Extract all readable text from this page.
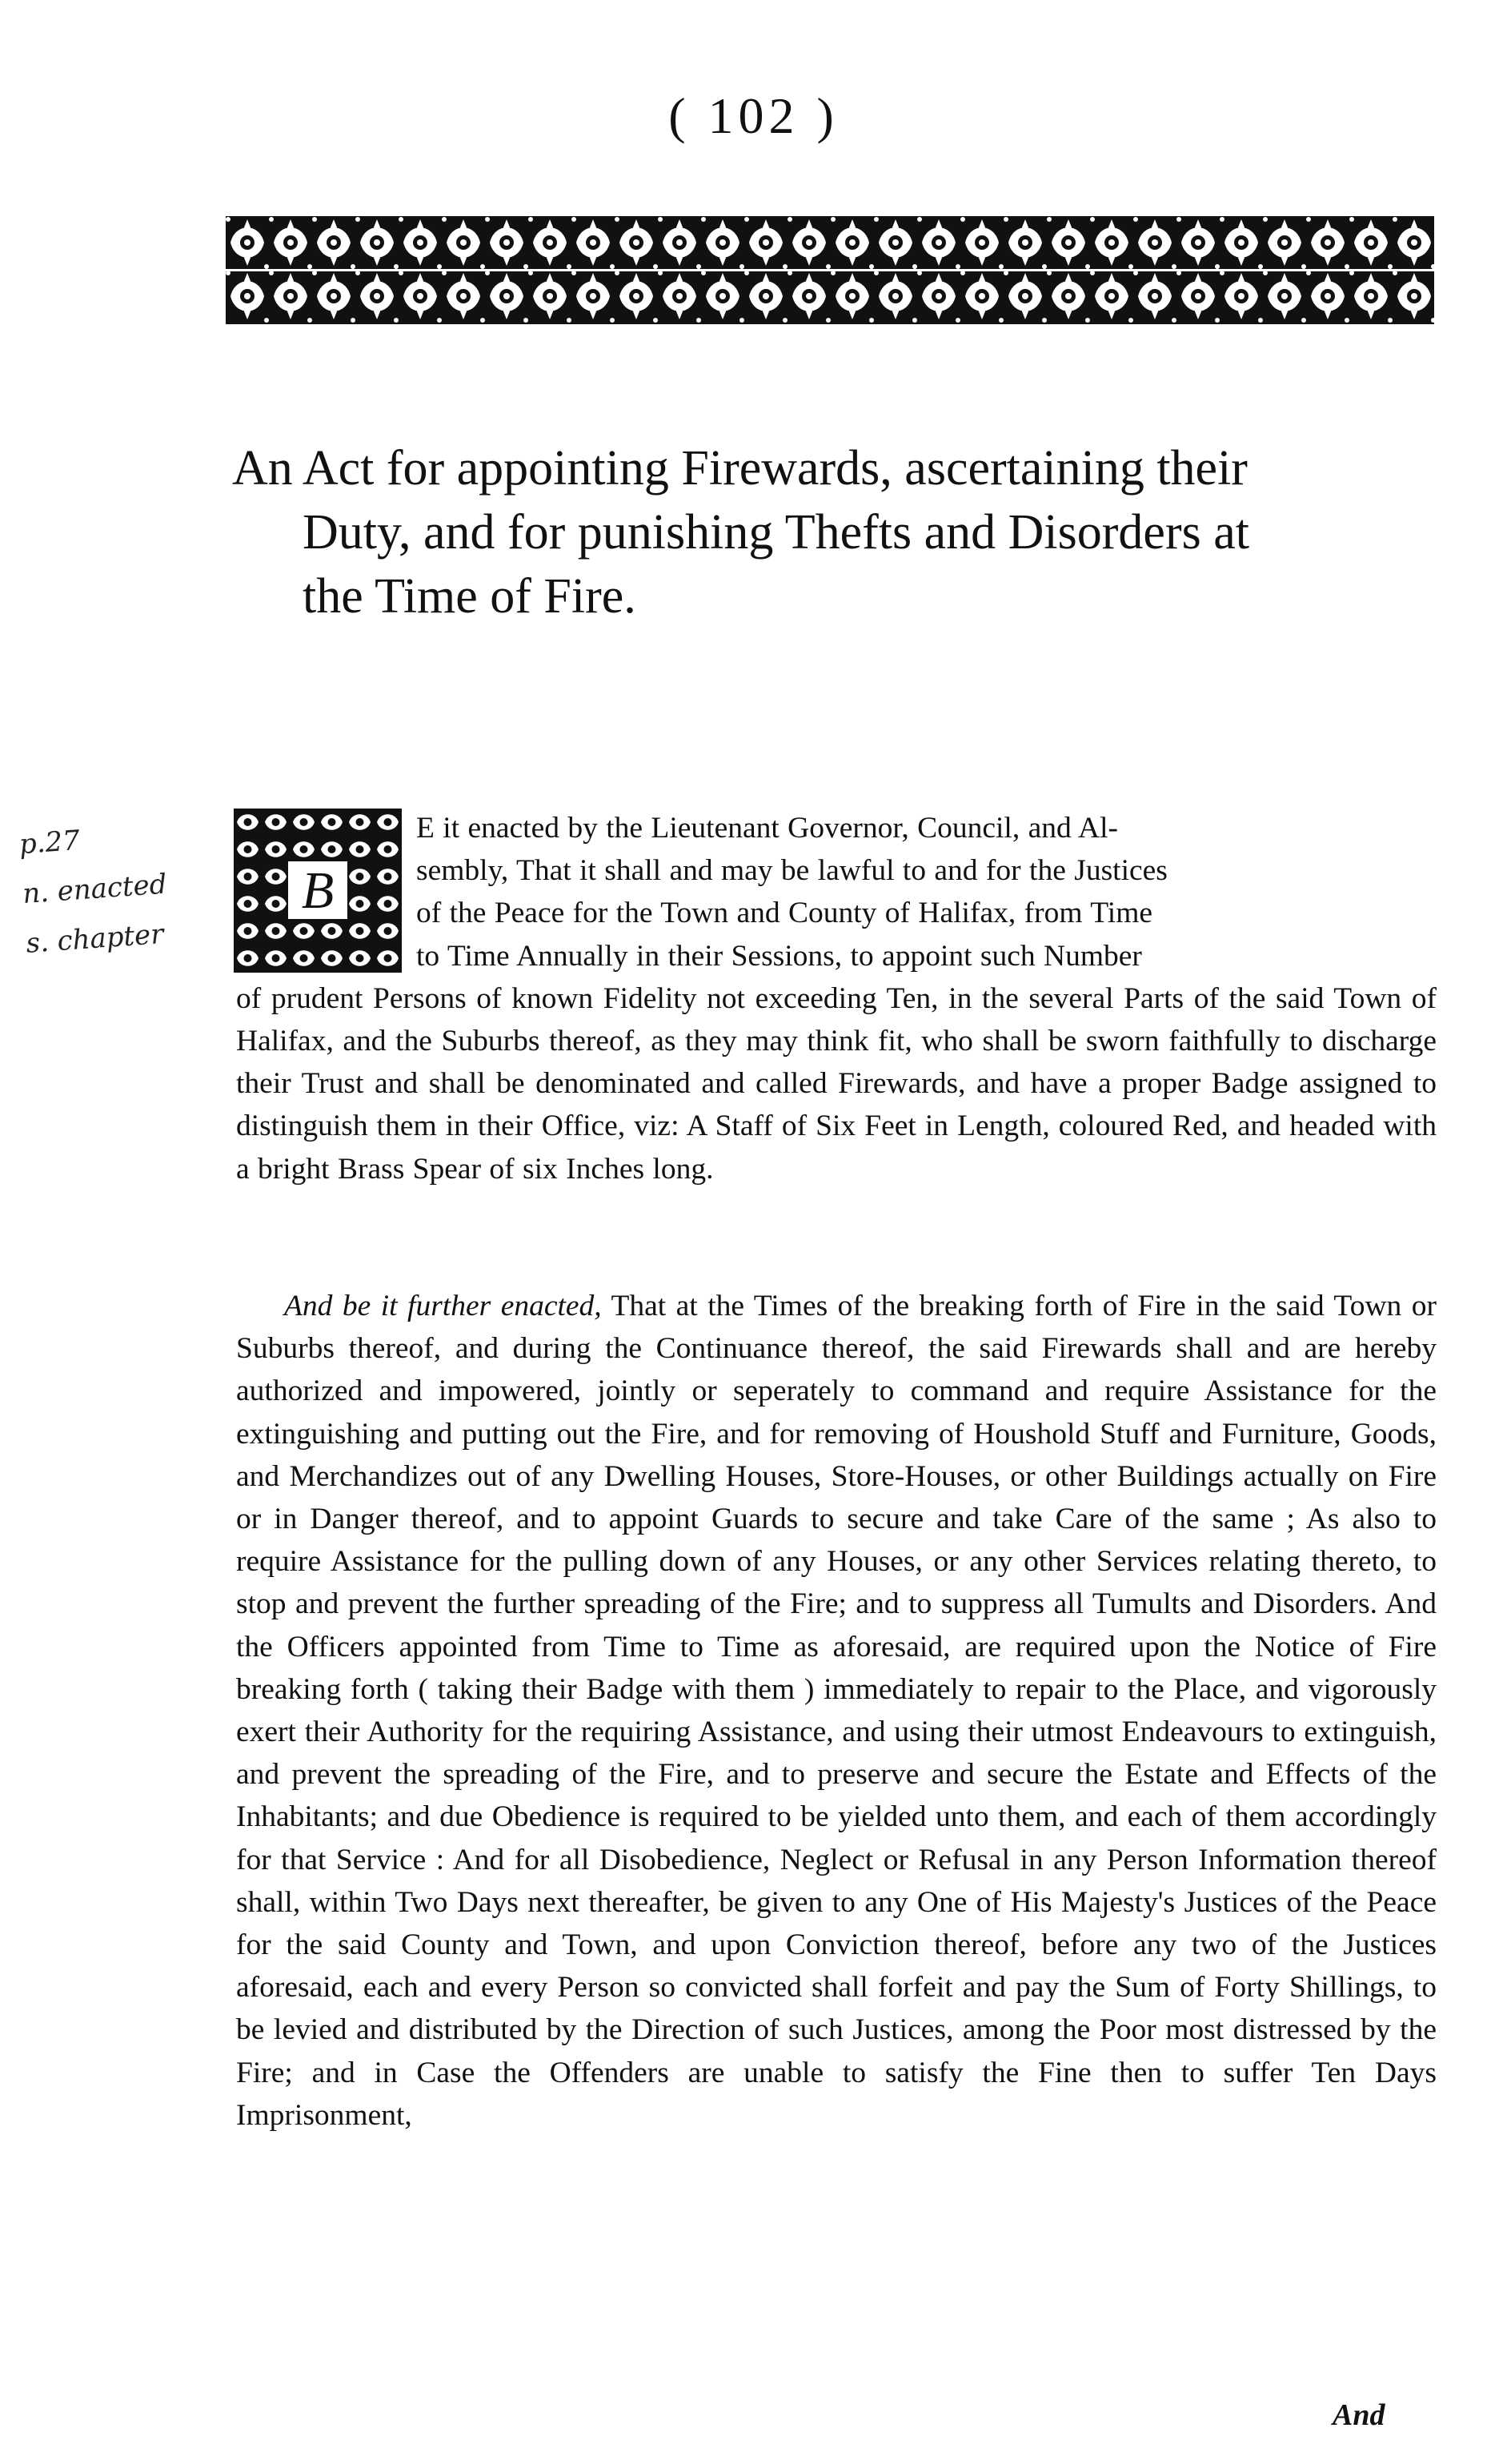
( 102 )
An Act for appointing Firewards, ascertaining their
Duty, and for punishing Thefts and Disorders at
the Time of Fire.
p.27
n. enacted
s. chapter
B
E it enacted by the Lieutenant Governor, Council, and Al-
sembly, That it shall and may be lawful to and for the Justices
of the Peace for the Town and County of Halifax, from Time
to Time Annually in their Sessions, to appoint such Number
of prudent Persons of known Fidelity not exceeding Ten, in the several Parts of the said Town of Halifax, and the Suburbs thereof, as they may think fit, who shall be sworn faithfully to discharge their Trust and shall be denominated and called Firewards, and have a proper Badge assigned to distinguish them in their Office, viz: A Staff of Six Feet in Length, coloured Red, and headed with a bright Brass Spear of six Inches long.
And be it further enacted, That at the Times of the breaking forth of Fire in the said Town or Suburbs thereof, and during the Continuance thereof, the said Firewards shall and are hereby authorized and impowered, jointly or seperately to command and require Assistance for the extinguishing and putting out the Fire, and for removing of Houshold Stuff and Furniture, Goods, and Merchandizes out of any Dwelling Houses, Store-Houses, or other Buildings actually on Fire or in Danger thereof, and to appoint Guards to secure and take Care of the same ; As also to require Assistance for the pulling down of any Houses, or any other Services relating thereto, to stop and prevent the further spreading of the Fire; and to suppress all Tumults and Disorders. And the Officers appointed from Time to Time as aforesaid, are required upon the Notice of Fire breaking forth ( taking their Badge with them ) immediately to repair to the Place, and vigorously exert their Authority for the requiring Assistance, and using their utmost Endeavours to extinguish, and prevent the spreading of the Fire, and to preserve and secure the Estate and Effects of the Inhabitants; and due Obedience is required to be yielded unto them, and each of them accordingly for that Service : And for all Disobedience, Neglect or Refusal in any Person Information thereof shall, within Two Days next thereafter, be given to any One of His Majesty's Justices of the Peace for the said County and Town, and upon Conviction thereof, before any two of the Justices aforesaid, each and every Person so convicted shall forfeit and pay the Sum of Forty Shillings, to be levied and distributed by the Direction of such Justices, among the Poor most distressed by the Fire; and in Case the Offenders are unable to satisfy the Fine then to suffer Ten Days Imprisonment,
And
